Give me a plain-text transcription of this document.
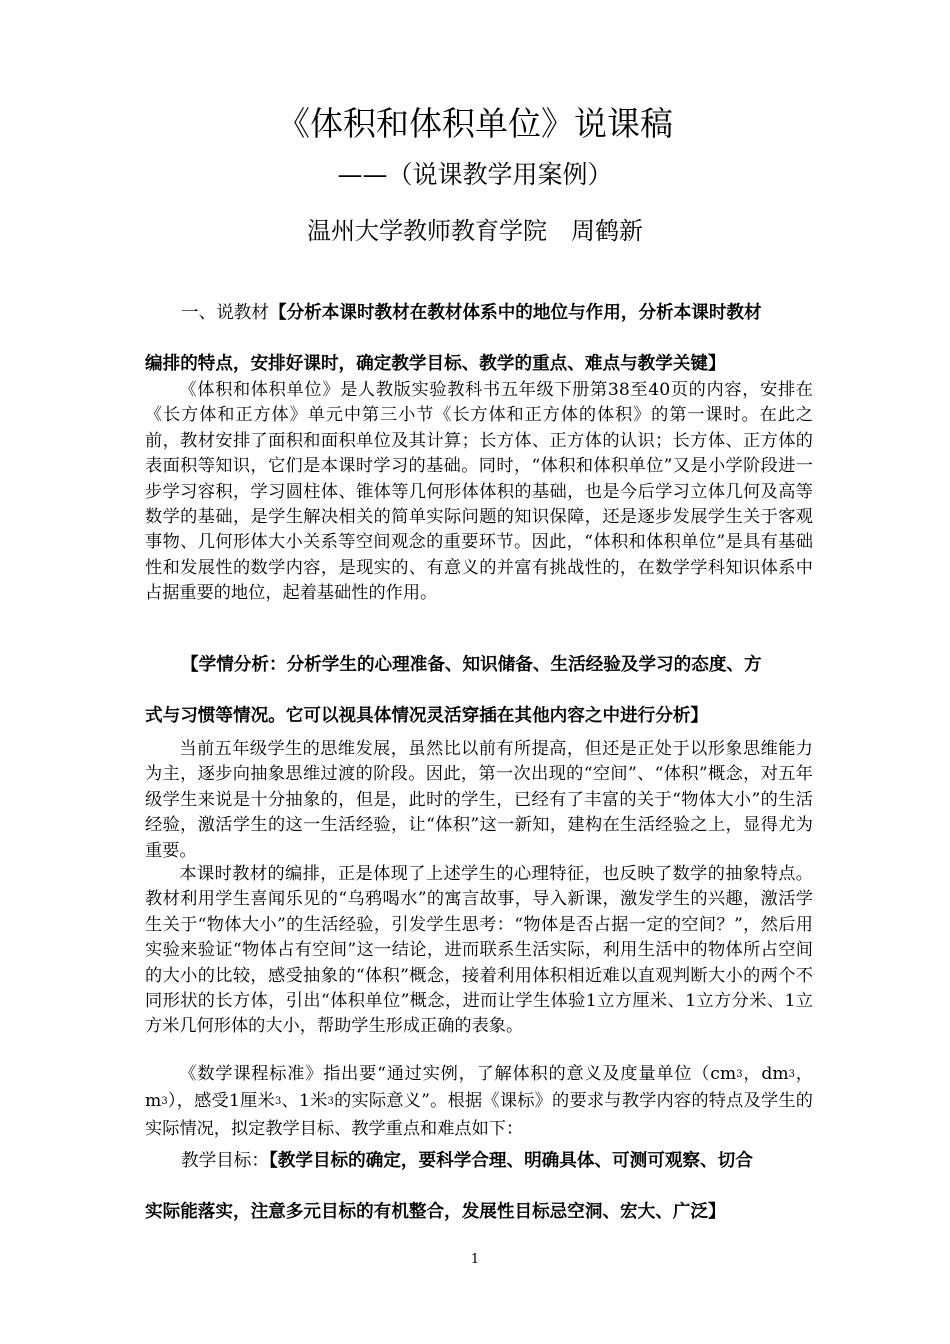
《体积和体积单位》说课稿
——（说课教学用案例）
温州大学教师教育学院　周鹤新
一、说教材【分析本课时教材在教材体系中的地位与作用，分析本课时教材
编排的特点，安排好课时，确定教学目标、教学的重点、难点与教学关键】

《体积和体积单位》是人教版实验教科书五年级下册第38至40页的内容，安排在《长方体和正方体》单元中第三小节《长方体和正方体的体积》的第一课时。在此之前，教材安排了面积和面积单位及其计算；长方体、正方体的认识；长方体、正方体的表面积等知识，它们是本课时学习的基础。同时，“体积和体积单位”又是小学阶段进一步学习容积，学习圆柱体、锥体等几何形体体积的基础，也是今后学习立体几何及高等数学的基础，是学生解决相关的简单实际问题的知识保障，还是逐步发展学生关于客观事物、几何形体大小关系等空间观念的重要环节。因此，“体积和体积单位”是具有基础性和发展性的数学内容，是现实的、有意义的并富有挑战性的，在数学学科知识体系中占据重要的地位，起着基础性的作用。

【学情分析：分析学生的心理准备、知识储备、生活经验及学习的态度、方
式与习惯等情况。它可以视具体情况灵活穿插在其他内容之中进行分析】

当前五年级学生的思维发展，虽然比以前有所提高，但还是正处于以形象思维能力为主，逐步向抽象思维过渡的阶段。因此，第一次出现的“空间”、“体积”概念，对五年级学生来说是十分抽象的，但是，此时的学生，已经有了丰富的关于“物体大小”的生活经验，激活学生的这一生活经验，让“体积”这一新知，建构在生活经验之上，显得尤为重要。

本课时教材的编排，正是体现了上述学生的心理特征，也反映了数学的抽象特点。教材利用学生喜闻乐见的“乌鸦喝水”的寓言故事，导入新课，激发学生的兴趣，激活学生关于“物体大小”的生活经验，引发学生思考：“物体是否占据一定的空间？”，然后用实验来验证“物体占有空间”这一结论，进而联系生活实际，利用生活中的物体所占空间的大小的比较，感受抽象的“体积”概念，接着利用体积相近难以直观判断大小的两个不同形状的长方体，引出“体积单位”概念，进而让学生体验1立方厘米、1立方分米、1立方米几何形体的大小，帮助学生形成正确的表象。

《数学课程标准》指出要“通过实例，了解体积的意义及度量单位（$cm^3$，$dm^3$，$m^3$），感受1厘米$^3$、1米$^3$的实际意义”。根据《课标》的要求与教学内容的特点及学生的实际情况，拟定教学目标、教学重点和难点如下：

教学目标：【教学目标的确定，要科学合理、明确具体、可测可观察、切合
实际能落实，注意多元目标的有机整合，发展性目标忌空洞、宏大、广泛】
1
